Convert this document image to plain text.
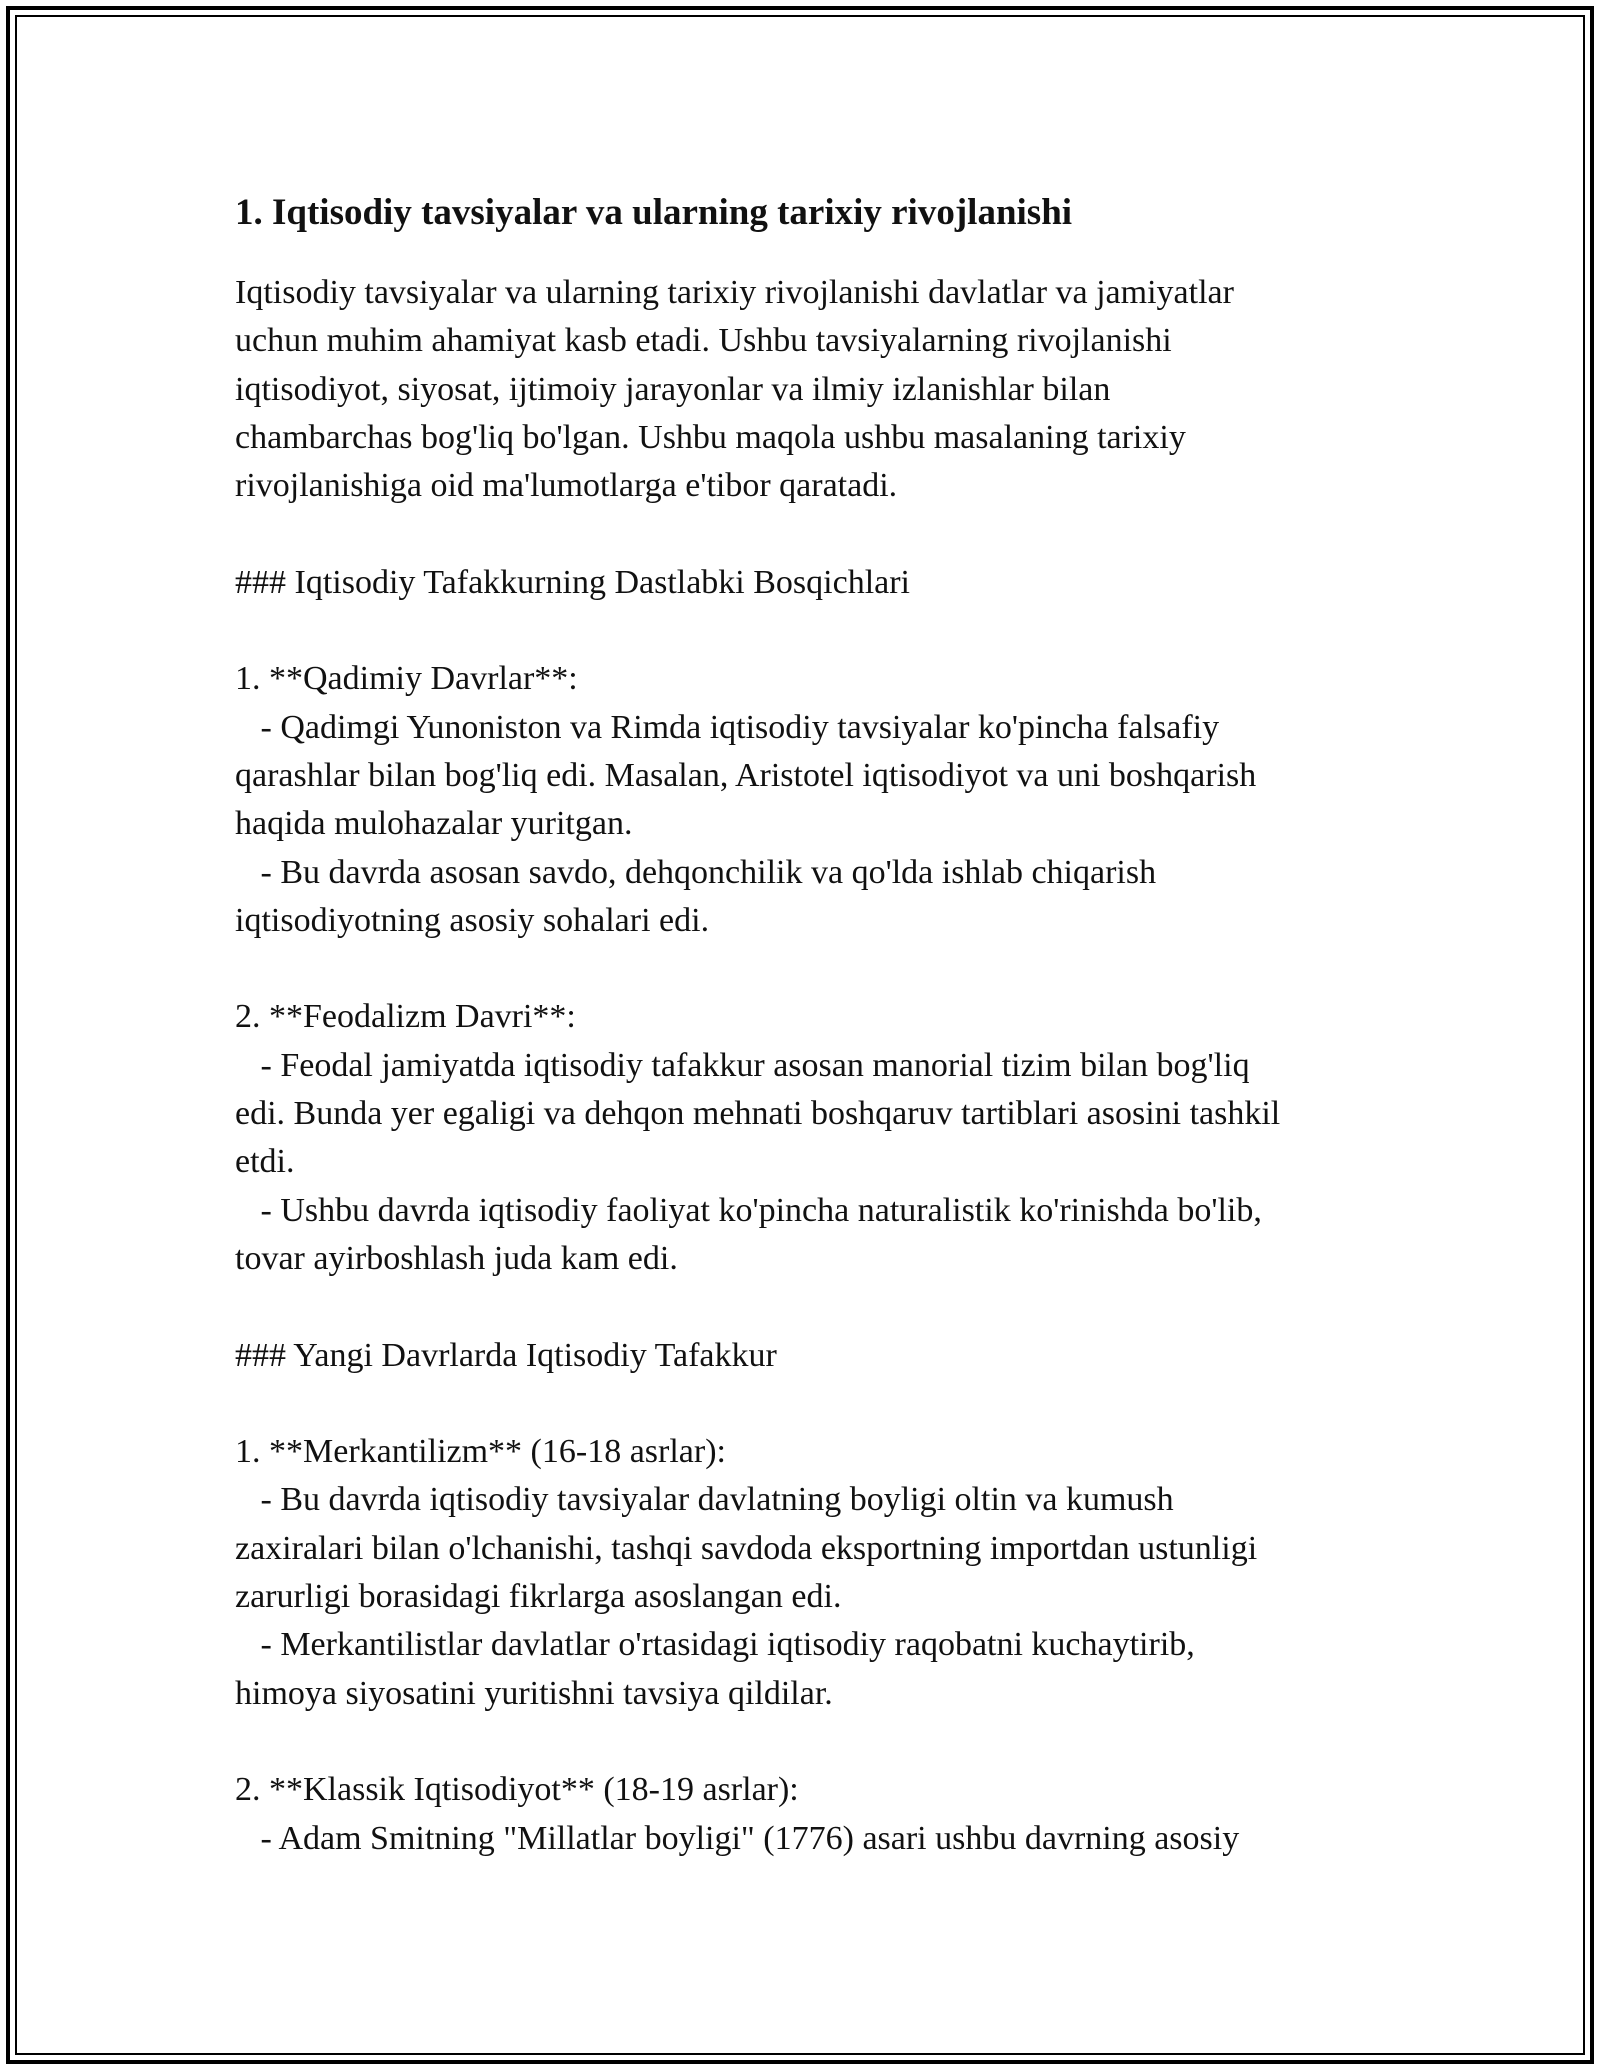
1. Iqtisodiy tavsiyalar va ularning tarixiy rivojlanishi

Iqtisodiy tavsiyalar va ularning tarixiy rivojlanishi davlatlar va jamiyatlar
uchun muhim ahamiyat kasb etadi. Ushbu tavsiyalarning rivojlanishi
iqtisodiyot, siyosat, ijtimoiy jarayonlar va ilmiy izlanishlar bilan
chambarchas bog'liq bo'lgan. Ushbu maqola ushbu masalaning tarixiy
rivojlanishiga oid ma'lumotlarga e'tibor qaratadi.

### Iqtisodiy Tafakkurning Dastlabki Bosqichlari

1. **Qadimiy Davrlar**:
- Qadimgi Yunoniston va Rimda iqtisodiy tavsiyalar ko'pincha falsafiy
qarashlar bilan bog'liq edi. Masalan, Aristotel iqtisodiyot va uni boshqarish
haqida mulohazalar yuritgan.
- Bu davrda asosan savdo, dehqonchilik va qo'lda ishlab chiqarish
iqtisodiyotning asosiy sohalari edi.

2. **Feodalizm Davri**:
- Feodal jamiyatda iqtisodiy tafakkur asosan manorial tizim bilan bog'liq
edi. Bunda yer egaligi va dehqon mehnati boshqaruv tartiblari asosini tashkil
etdi.
- Ushbu davrda iqtisodiy faoliyat ko'pincha naturalistik ko'rinishda bo'lib,
tovar ayirboshlash juda kam edi.

### Yangi Davrlarda Iqtisodiy Tafakkur

1. **Merkantilizm** (16-18 asrlar):
- Bu davrda iqtisodiy tavsiyalar davlatning boyligi oltin va kumush
zaxiralari bilan o'lchanishi, tashqi savdoda eksportning importdan ustunligi
zarurligi borasidagi fikrlarga asoslangan edi.
- Merkantilistlar davlatlar o'rtasidagi iqtisodiy raqobatni kuchaytirib,
himoya siyosatini yuritishni tavsiya qildilar.

2. **Klassik Iqtisodiyot** (18-19 asrlar):
- Adam Smitning "Millatlar boyligi" (1776) asari ushbu davrning asosiy
